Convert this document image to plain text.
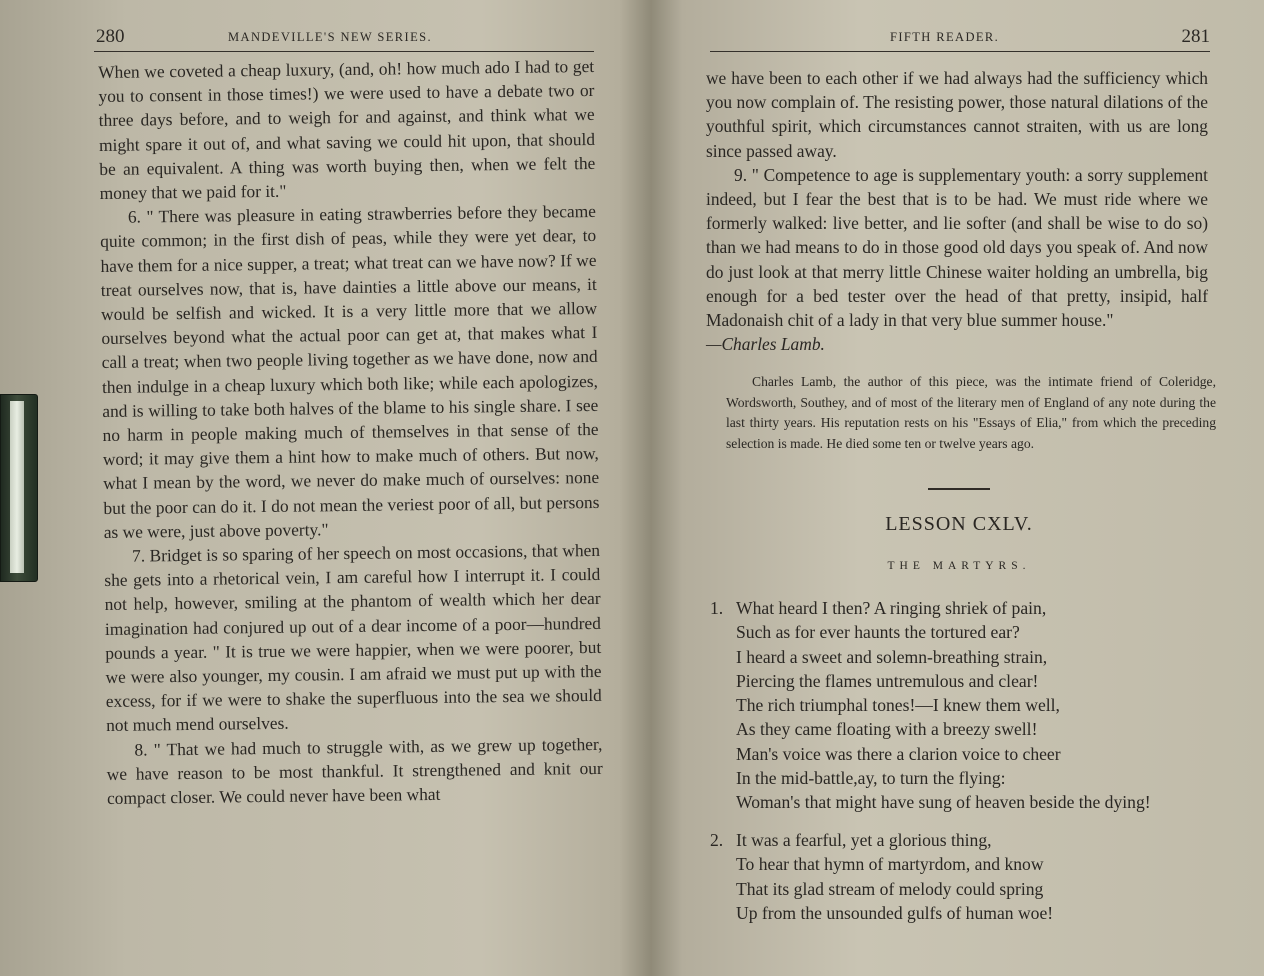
280	MANDEVILLE'S NEW SERIES.

When we coveted a cheap luxury, (and, oh! how much ado I had to get you to consent in those times!) we were used to have a debate two or three days before, and to weigh for and against, and think what we might spare it out of, and what saving we could hit upon, that should be an equivalent. A thing was worth buying then, when we felt the money that we paid for it."

6. " There was pleasure in eating strawberries before they became quite common; in the first dish of peas, while they were yet dear, to have them for a nice supper, a treat; what treat can we have now? If we treat ourselves now, that is, have dainties a little above our means, it would be selfish and wicked. It is a very little more that we allow ourselves beyond what the actual poor can get at, that makes what I call a treat; when two people living together as we have done, now and then indulge in a cheap luxury which both like; while each apologizes, and is willing to take both halves of the blame to his single share. I see no harm in people making much of themselves in that sense of the word; it may give them a hint how to make much of others. But now, what I mean by the word, we never do make much of ourselves: none but the poor can do it. I do not mean the veriest poor of all, but persons as we were, just above poverty."

7. Bridget is so sparing of her speech on most occasions, that when she gets into a rhetorical vein, I am careful how I interrupt it. I could not help, however, smiling at the phantom of wealth which her dear imagination had conjured up out of a dear income of a poor—hundred pounds a year. " It is true we were happier, when we were poorer, but we were also younger, my cousin. I am afraid we must put up with the excess, for if we were to shake the superfluous into the sea we should not much mend ourselves.

8. " That we had much to struggle with, as we grew up together, we have reason to be most thankful. It strengthened and knit our compact closer. We could never have been what

FIFTH READER.	281

we have been to each other if we had always had the sufficiency which you now complain of. The resisting power, those natural dilations of the youthful spirit, which circumstances cannot straiten, with us are long since passed away.

9. " Competence to age is supplementary youth: a sorry supplement indeed, but I fear the best that is to be had. We must ride where we formerly walked: live better, and lie softer (and shall be wise to do so) than we had means to do in those good old days you speak of. And now do just look at that merry little Chinese waiter holding an umbrella, big enough for a bed tester over the head of that pretty, insipid, half Madonaish chit of a lady in that very blue summer house."

—Charles Lamb.

Charles Lamb, the author of this piece, was the intimate friend of Coleridge, Wordsworth, Southey, and of most of the literary men of England of any note during the last thirty years. His reputation rests on his "Essays of Elia," from which the preceding selection is made. He died some ten or twelve years ago.
LESSON CXLV.
THE MARTYRS.
1. What heard I then? A ringing shriek of pain,
Such as for ever haunts the tortured ear?
I heard a sweet and solemn-breathing strain,
Piercing the flames untremulous and clear!
The rich triumphal tones!—I knew them well,
As they came floating with a breezy swell!
Man's voice was there a clarion voice to cheer
In the mid-battle,ay, to turn the flying:
Woman's that might have sung of heaven beside the dying!
2. It was a fearful, yet a glorious thing,
To hear that hymn of martyrdom, and know
That its glad stream of melody could spring
Up from the unsounded gulfs of human woe!
